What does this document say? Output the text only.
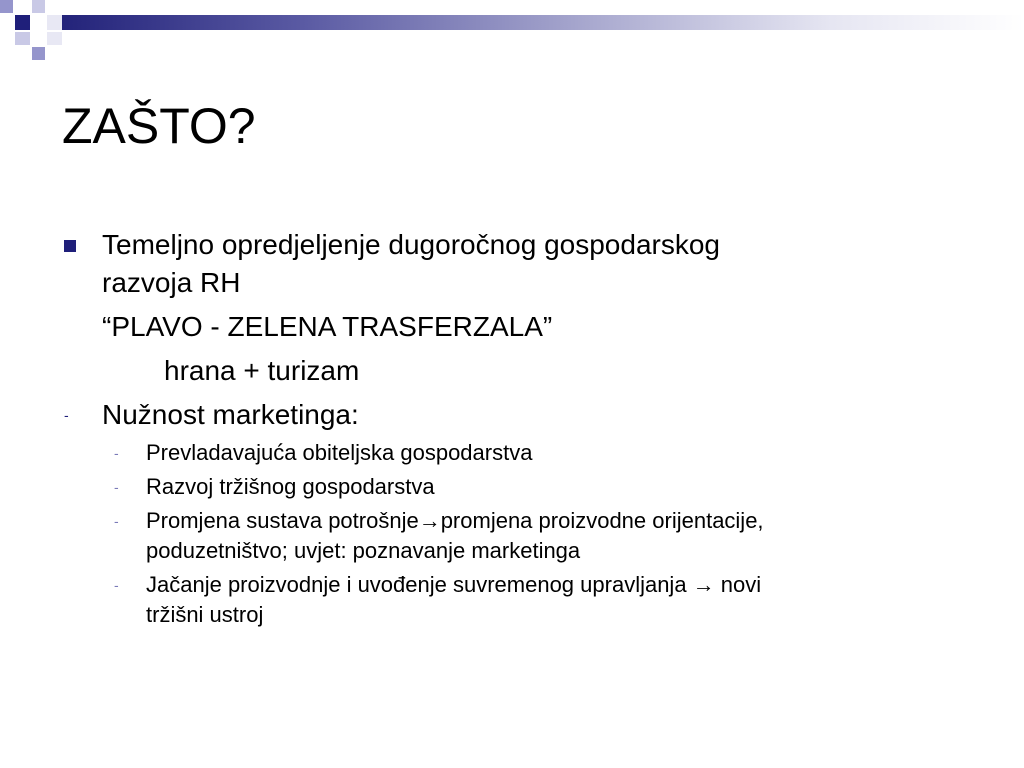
ZAŠTO?
Temeljno opredjeljenje dugoročnog gospodarskog
razvoja RH
“PLAVO - ZELENA TRASFERZALA”
hrana + turizam
- Nužnost marketinga:
- Prevladavajuća obiteljska gospodarstva
- Razvoj tržišnog gospodarstva
- Promjena sustava potrošnje→promjena proizvodne orijentacije,
poduzetništvo; uvjet: poznavanje marketinga
- Jačanje proizvodnje i uvođenje suvremenog upravljanja → novi
tržišni ustroj
